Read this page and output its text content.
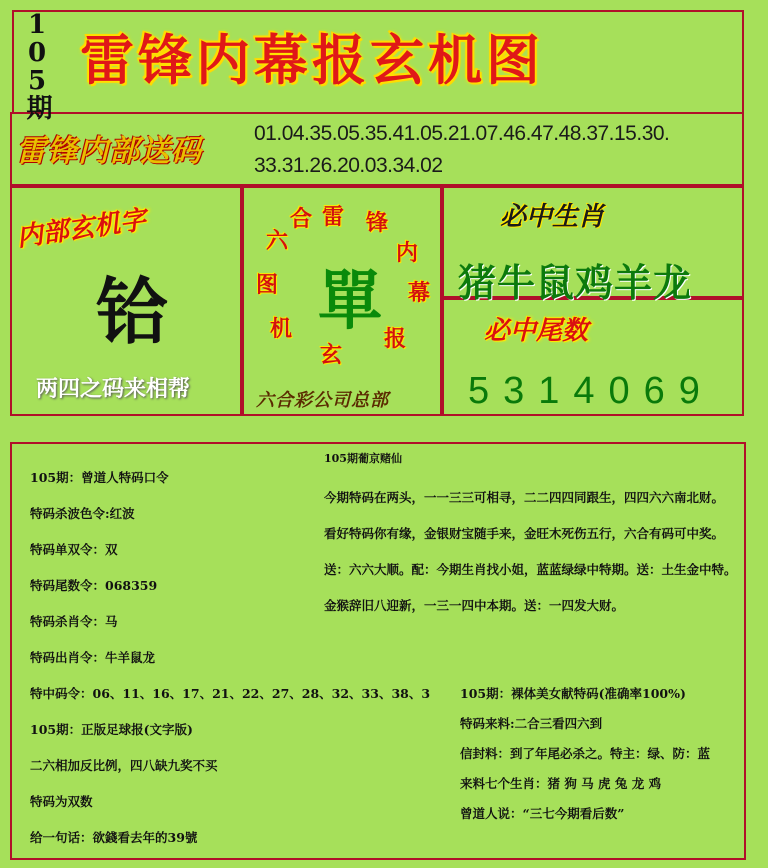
105期 雷锋内幕报玄机图
雷锋内部送码
01.04.35.05.35.41.05.21.07.46.47.48.37.15.30.
33.31.26.20.03.34.02
内部玄机字
铪
两四之码来相帮
雷 锋
内
幕
报
玄
机
图
六
合
單
六合彩公司总部
必中生肖
猪牛鼠鸡羊龙
必中尾数
5314069
105期：曾道人特码口令
特码杀波色令:红波
特码单双令：双
特码尾数令：068359
特码杀肖令：马
特码出肖令：牛羊鼠龙
特中码令：06、11、16、17、21、22、27、28、32、33、38、3
105期：正版足球报(文字版)
二六相加反比例，四八缺九奖不买
特码为双数
给一句话：欲錢看去年的39號
105期葡京赌仙
今期特码在两头，一一三三可相寻，二二四四同跟生，四四六六南北财。
看好特码你有缘，金银财宝随手来，金旺木死伤五行，六合有码可中奖。
送：六六大顺。配：今期生肖找小姐，蓝蓝绿绿中特期。送：土生金中特。
金猴辞旧八迎新，一三一四中本期。送：一四发大财。
105期：裸体美女献特码(准确率100%)
特码来料:二合三看四六到
信封料：到了年尾必杀之。特主：绿、防：蓝
来料七个生肖：猪 狗 马 虎 兔 龙 鸡
曾道人说：“三七今期看后数”
